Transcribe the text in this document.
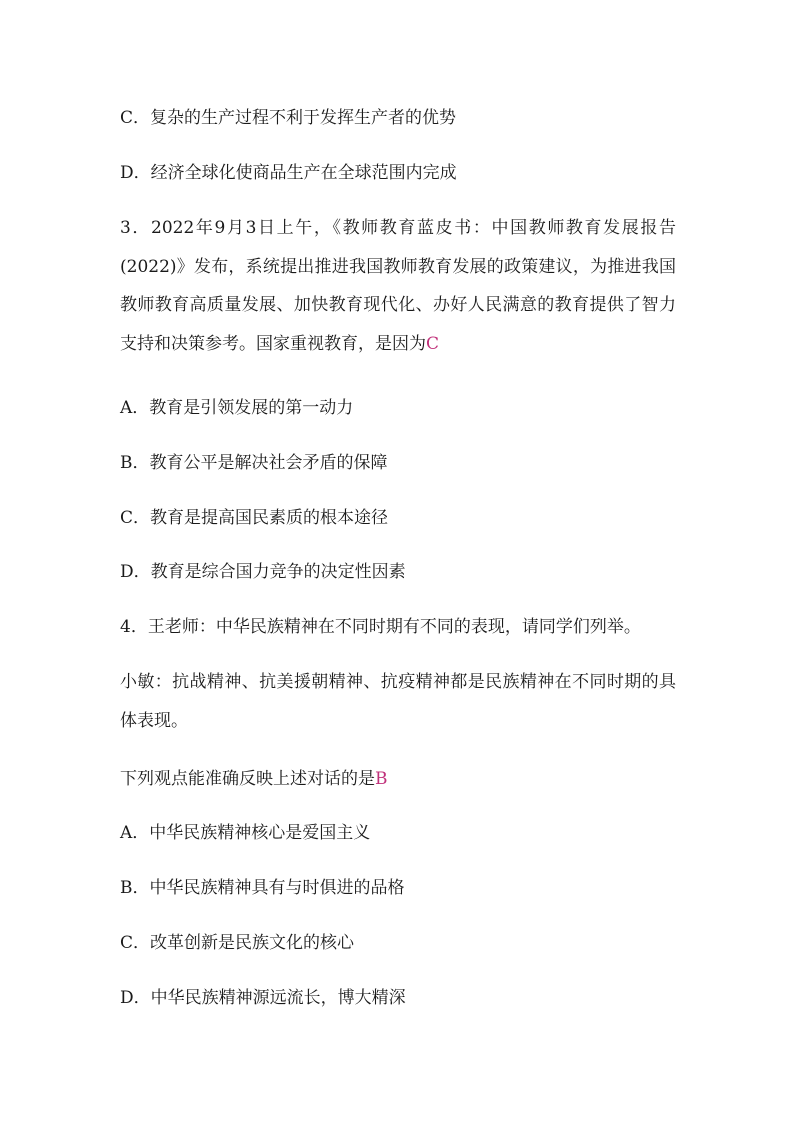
C．复杂的生产过程不利于发挥生产者的优势
D．经济全球化使商品生产在全球范围内完成
3．2022年9月3日上午，《教师教育蓝皮书：中国教师教育发展报告(2022)》发布，系统提出推进我国教师教育发展的政策建议，为推进我国教师教育高质量发展、加快教育现代化、办好人民满意的教育提供了智力支持和决策参考。国家重视教育，是因为C
A．教育是引领发展的第一动力
B．教育公平是解决社会矛盾的保障
C．教育是提高国民素质的根本途径
D．教育是综合国力竞争的决定性因素
4．王老师：中华民族精神在不同时期有不同的表现，请同学们列举。
小敏：抗战精神、抗美援朝精神、抗疫精神都是民族精神在不同时期的具体表现。
下列观点能准确反映上述对话的是B
A．中华民族精神核心是爱国主义
B．中华民族精神具有与时俱进的品格
C．改革创新是民族文化的核心
D．中华民族精神源远流长，博大精深
